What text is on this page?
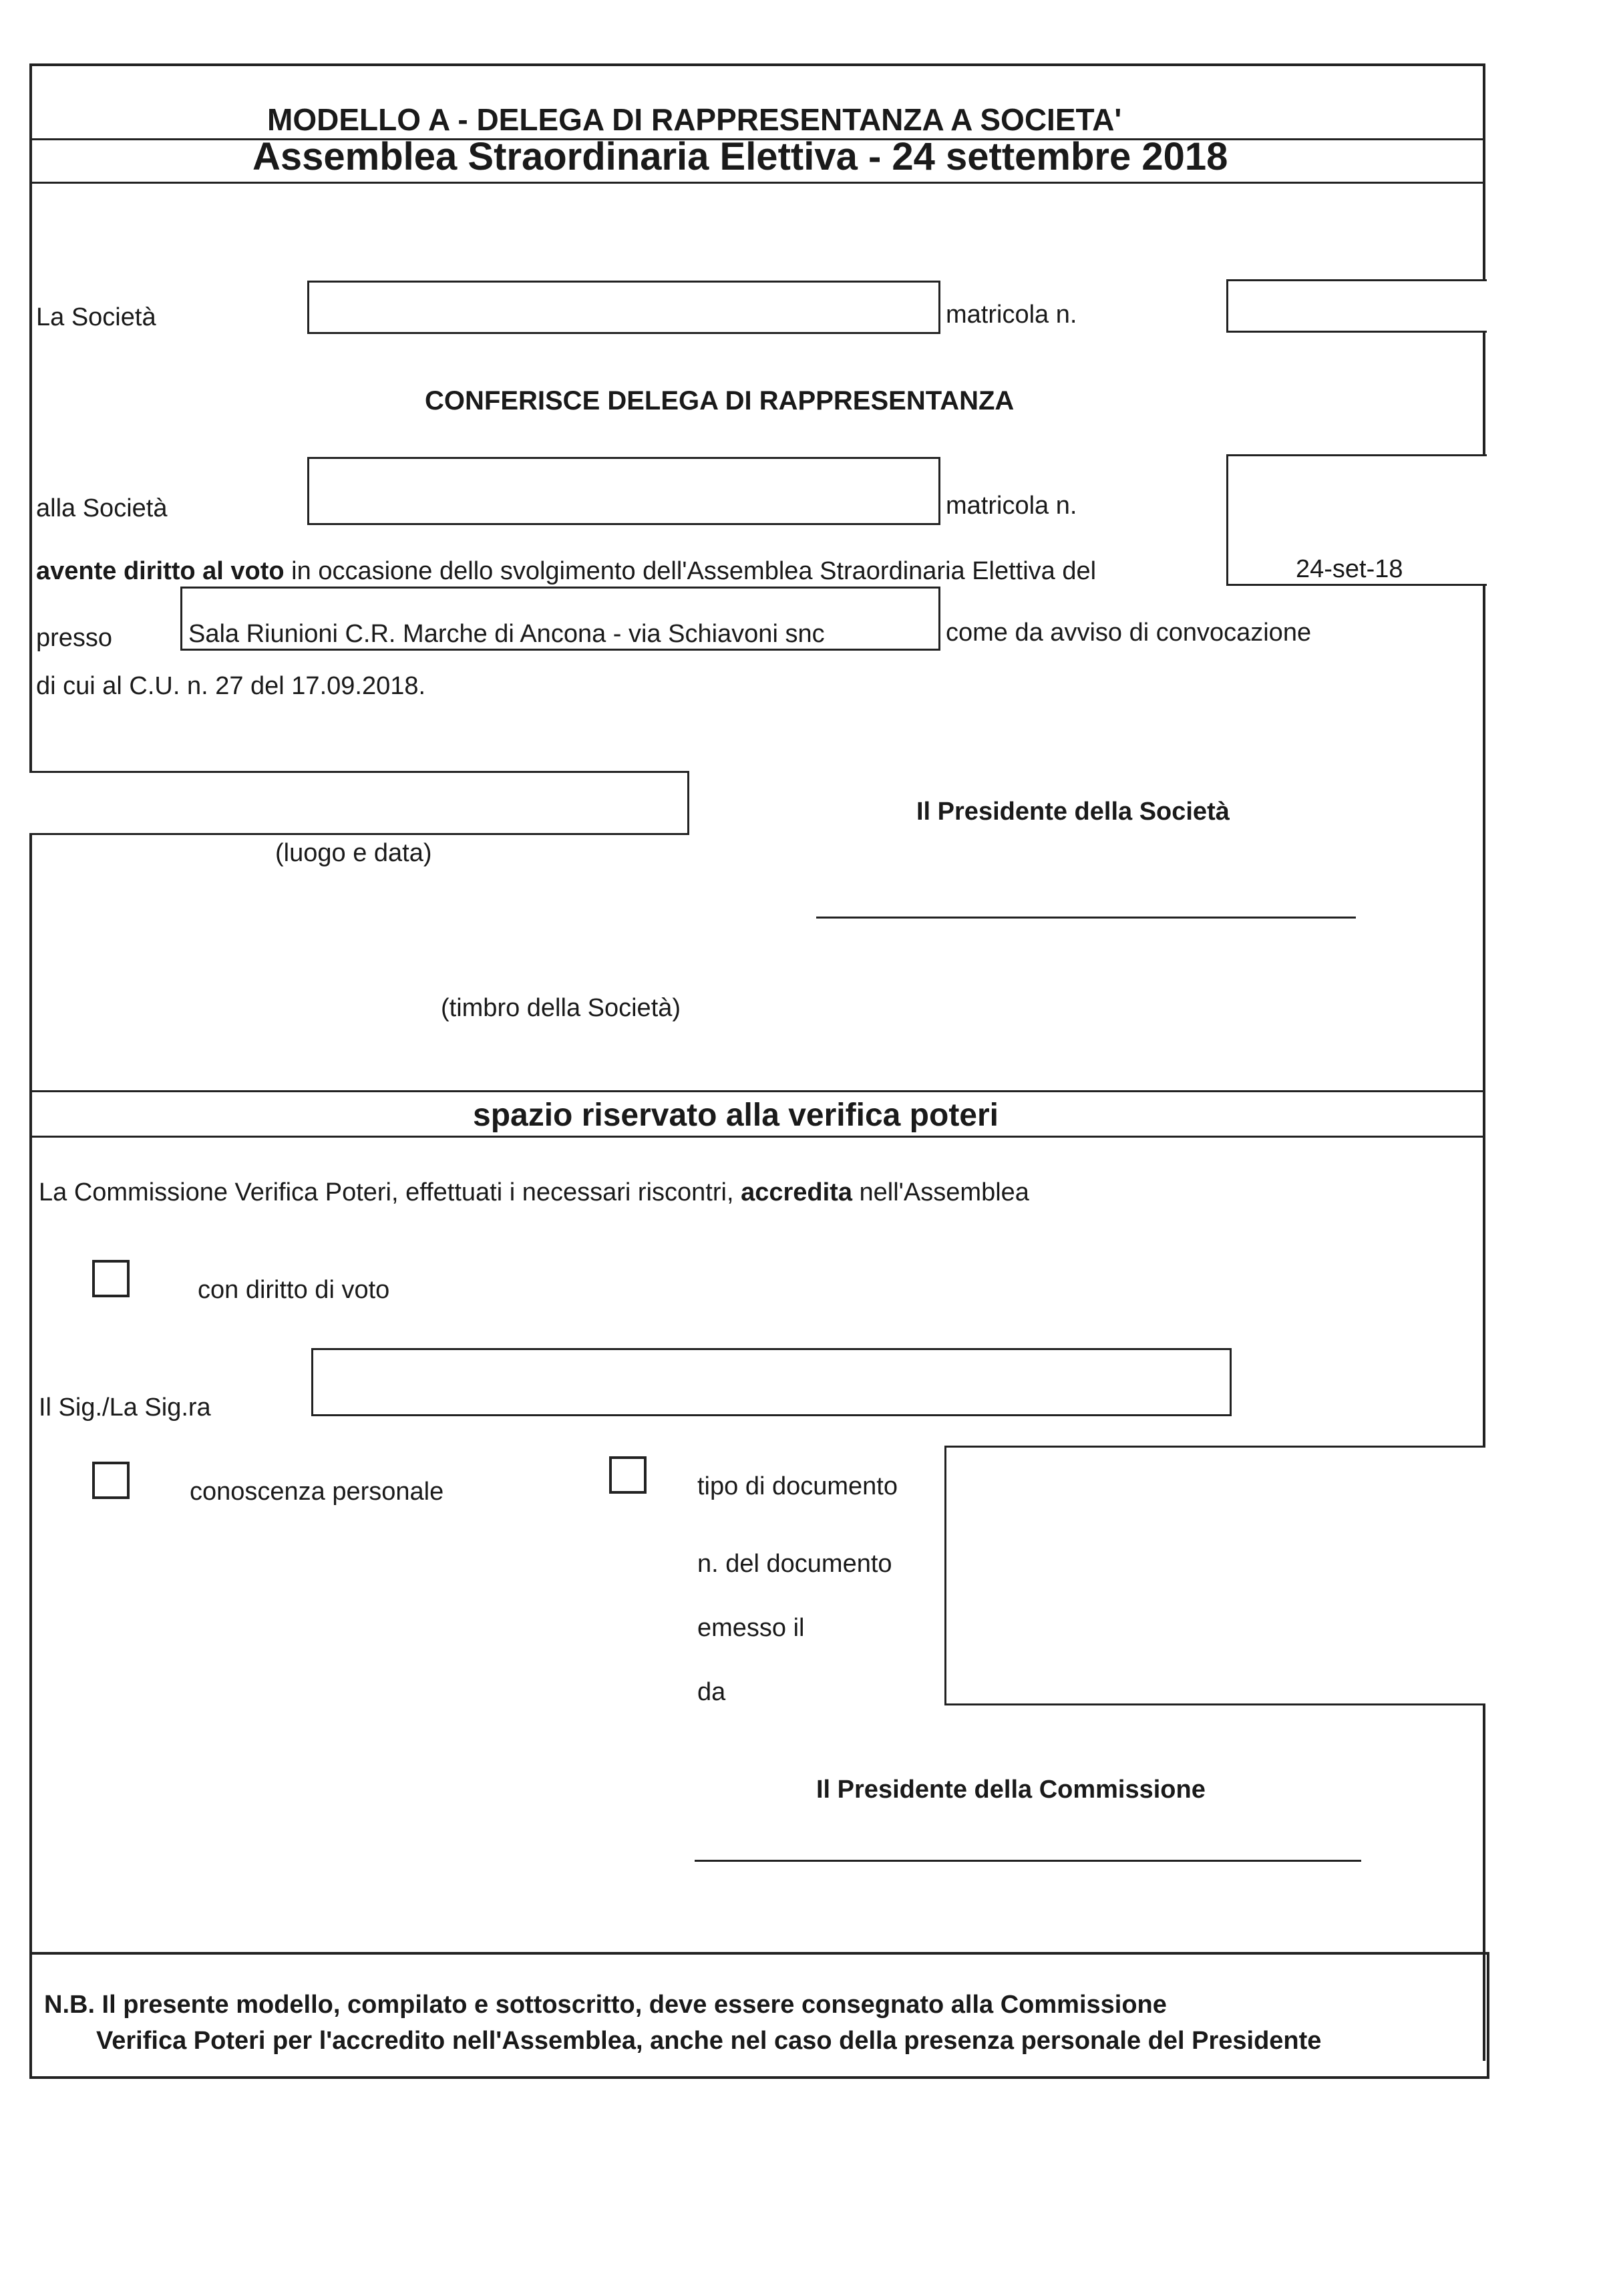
MODELLO A - DELEGA DI RAPPRESENTANZA A SOCIETA'
Assemblea Straordinaria Elettiva - 24 settembre 2018
La Società	matricola n.
CONFERISCE DELEGA DI RAPPRESENTANZA
alla Società	matricola n.
24-set-18
avente diritto al voto in occasione dello svolgimento dell'Assemblea Straordinaria Elettiva del
presso	Sala Riunioni C.R. Marche di Ancona - via Schiavoni snc	come da avviso di convocazione
di cui al C.U. n. 27 del 17.09.2018.
(luogo e data)
Il Presidente della Società
(timbro della Società)
spazio riservato alla verifica poteri
La Commissione Verifica Poteri, effettuati i necessari riscontri, accredita nell'Assemblea
con diritto di voto
Il Sig./La Sig.ra
conoscenza personale	tipo di documento
n. del documento
emesso il
da
Il Presidente della Commissione
N.B. Il presente modello, compilato e sottoscritto, deve essere consegnato alla Commissione
Verifica Poteri per l'accredito nell'Assemblea, anche nel caso della presenza personale del Presidente
